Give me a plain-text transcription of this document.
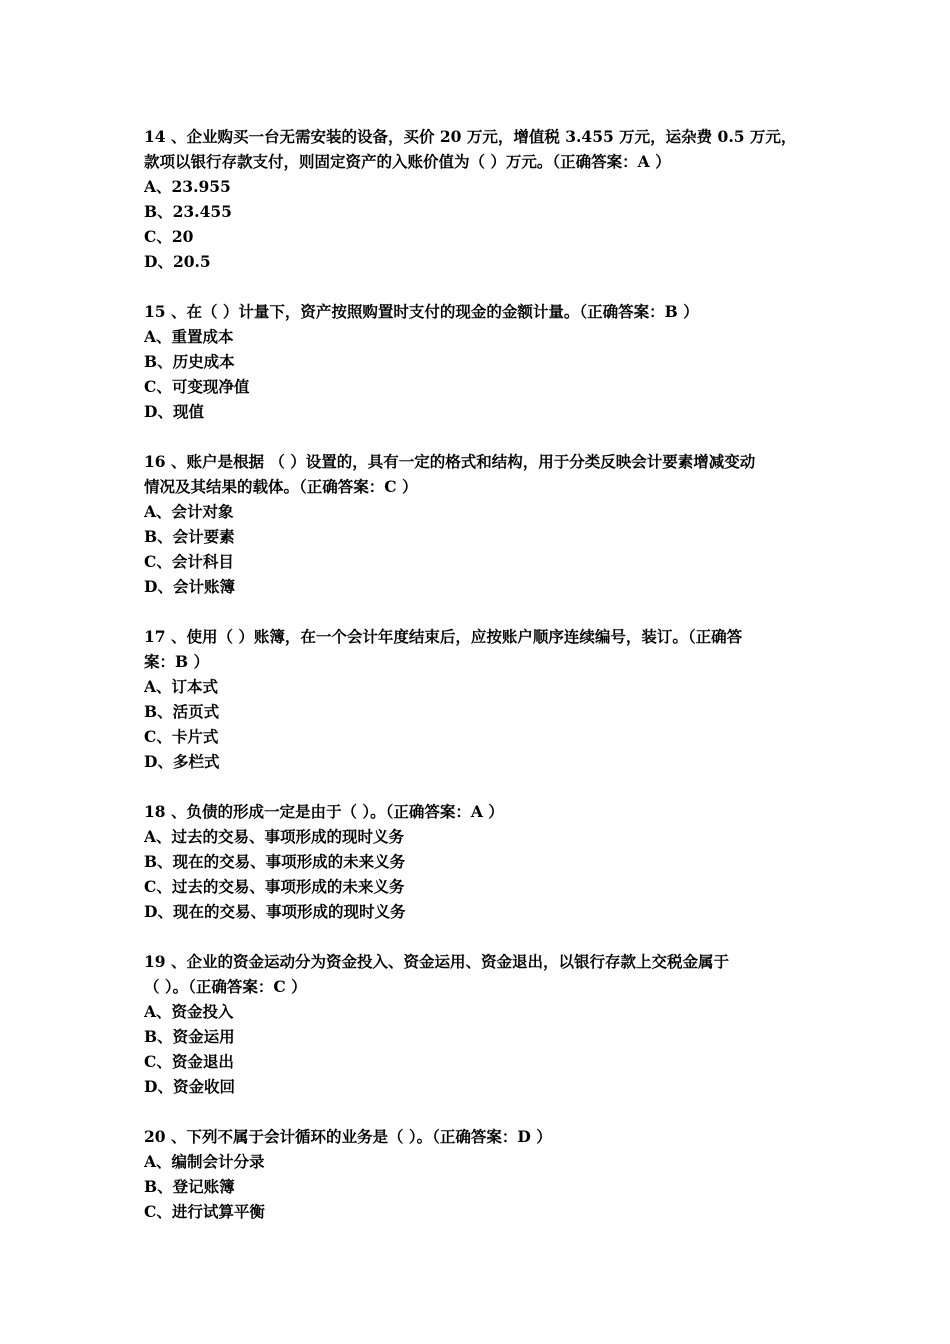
14 、企业购买一台无需安装的设备，买价 20 万元，增值税 3.455 万元，运杂费 0.5 万元，
款项以银行存款支付，则固定资产的入账价值为（ ）万元。（正确答案：A ）
A、23.955
B、23.455
C、20
D、20.5
15 、在（ ）计量下，资产按照购置时支付的现金的金额计量。（正确答案：B ）
A、重置成本
B、历史成本
C、可变现净值
D、现值
16 、账户是根据 （ ）设置的，具有一定的格式和结构，用于分类反映会计要素增减变动
情况及其结果的载体。（正确答案：C ）
A、会计对象
B、会计要素
C、会计科目
D、会计账簿
17 、使用（ ）账簿，在一个会计年度结束后，应按账户顺序连续编号，装订。（正确答
案：B ）
A、订本式
B、活页式
C、卡片式
D、多栏式
18 、负债的形成一定是由于（ ）。（正确答案：A ）
A、过去的交易、事项形成的现时义务
B、现在的交易、事项形成的未来义务
C、过去的交易、事项形成的未来义务
D、现在的交易、事项形成的现时义务
19 、企业的资金运动分为资金投入、资金运用、资金退出，以银行存款上交税金属于
（ ）。（正确答案：C ）
A、资金投入
B、资金运用
C、资金退出
D、资金收回
20 、下列不属于会计循环的业务是（ ）。（正确答案：D ）
A、编制会计分录
B、登记账簿
C、进行试算平衡
